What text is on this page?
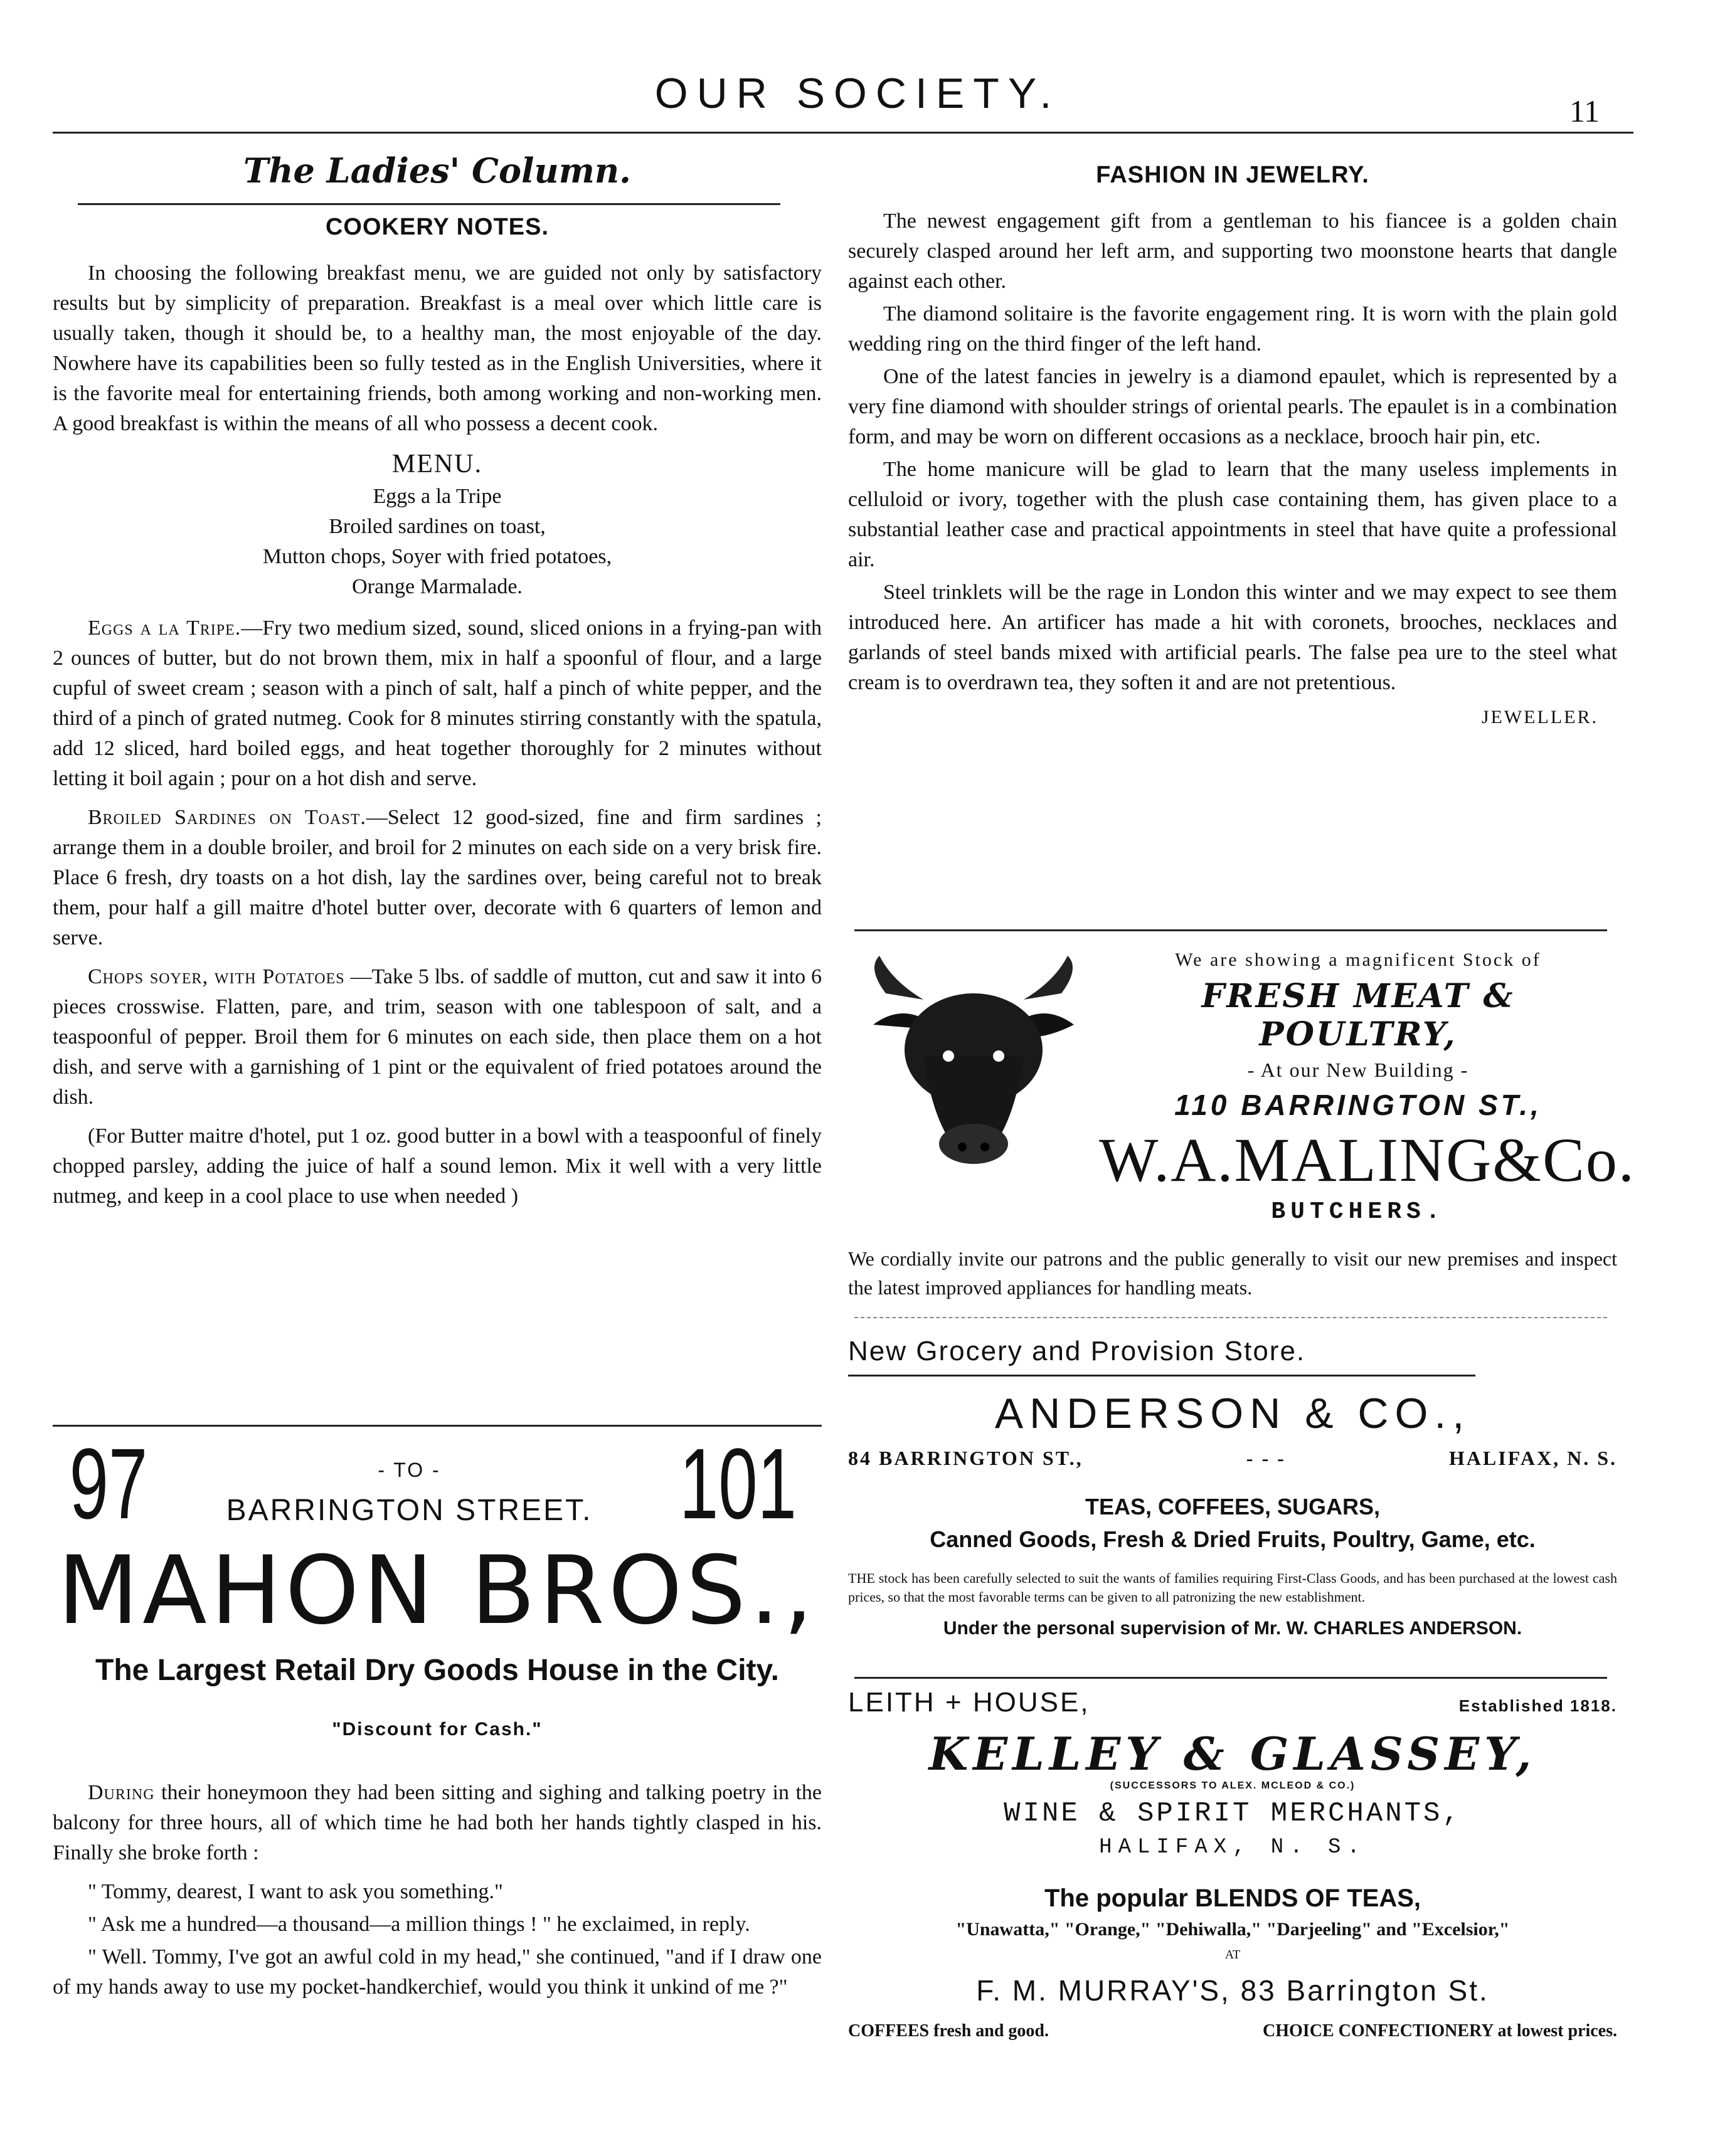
OUR SOCIETY.	11
The Ladies' Column.
COOKERY NOTES.

In choosing the following breakfast menu, we are guided not only by satisfactory results but by simplicity of preparation. Breakfast is a meal over which little care is usually taken, though it should be, to a healthy man, the most enjoyable of the day. Nowhere have its capabilities been so fully tested as in the English Universities, where it is the favorite meal for entertaining friends, both among working and non-working men. A good breakfast is within the means of all who possess a decent cook.

MENU.
Eggs a la Tripe
Broiled sardines on toast,
Mutton chops, Soyer with fried potatoes,
Orange Marmalade.

Eggs a la Tripe.—Fry two medium sized, sound, sliced onions in a frying-pan with 2 ounces of butter, but do not brown them, mix in half a spoonful of flour, and a large cupful of sweet cream ; season with a pinch of salt, half a pinch of white pepper, and the third of a pinch of grated nutmeg. Cook for 8 minutes stirring constantly with the spatula, add 12 sliced, hard boiled eggs, and heat together thoroughly for 2 minutes without letting it boil again ; pour on a hot dish and serve.

Broiled Sardines on Toast.—Select 12 good-sized, fine and firm sardines ; arrange them in a double broiler, and broil for 2 minutes on each side on a very brisk fire. Place 6 fresh, dry toasts on a hot dish, lay the sardines over, being careful not to break them, pour half a gill maitre d'hotel butter over, decorate with 6 quarters of lemon and serve.

Chops soyer, with Potatoes —Take 5 lbs. of saddle of mutton, cut and saw it into 6 pieces crosswise. Flatten, pare, and trim, season with one tablespoon of salt, and a teaspoonful of pepper. Broil them for 6 minutes on each side, then place them on a hot dish, and serve with a garnishing of 1 pint or the equivalent of fried potatoes around the dish.

(For Butter maitre d'hotel, put 1 oz. good butter in a bowl with a teaspoonful of finely chopped parsley, adding the juice of half a sound lemon. Mix it well with a very little nutmeg, and keep in a cool place to use when needed )

97	- TO -
BARRINGTON STREET. 101
MAHON BROS.,
The Largest Retail Dry Goods House in the City.
"Discount for Cash."

During their honeymoon they had been sitting and sighing and talking poetry in the balcony for three hours, all of which time he had both her hands tightly clasped in his. Finally she broke forth :

" Tommy, dearest, I want to ask you something."

" Ask me a hundred—a thousand—a million things ! " he exclaimed, in reply.

" Well. Tommy, I've got an awful cold in my head," she continued, "and if I draw one of my hands away to use my pocket-handkerchief, would you think it unkind of me ?"

FASHION IN JEWELRY.

The newest engagement gift from a gentleman to his fiancee is a golden chain securely clasped around her left arm, and supporting two moonstone hearts that dangle against each other.

The diamond solitaire is the favorite engagement ring. It is worn with the plain gold wedding ring on the third finger of the left hand.

One of the latest fancies in jewelry is a diamond epaulet, which is represented by a very fine diamond with shoulder strings of oriental pearls. The epaulet is in a combination form, and may be worn on different occasions as a necklace, brooch hair pin, etc.

The home manicure will be glad to learn that the many useless implements in celluloid or ivory, together with the plush case containing them, has given place to a substantial leather case and practical appointments in steel that have quite a professional air.

Steel trinklets will be the rage in London this winter and we may expect to see them introduced here. An artificer has made a hit with coronets, brooches, necklaces and garlands of steel bands mixed with artificial pearls. The false pea ure to the steel what cream is to overdrawn tea, they soften it and are not pretentious.

JEWELLER.
We are showing a magnificent Stock of
FRESH MEAT & POULTRY,
- At our New Building -
110 BARRINGTON ST.,
W.A.MALING&Co.
BUTCHERS.

We cordially invite our patrons and the public generally to visit our new premises and inspect the latest improved appliances for handling meats.

New Grocery and Provision Store.
ANDERSON & CO.,
84 BARRINGTON ST.,	- - -	HALIFAX, N. S.
TEAS, COFFEES, SUGARS,
Canned Goods, Fresh & Dried Fruits, Poultry, Game, etc.

THE stock has been carefully selected to suit the wants of families requiring First-Class Goods, and has been purchased at the lowest cash prices, so that the most favorable terms can be given to all patronizing the new establishment.

Under the personal supervision of Mr. W. CHARLES ANDERSON.
LEITH + HOUSE,	Established 1818.
KELLEY & GLASSEY,
(SUCCESSORS TO ALEX. MCLEOD & CO.)
WINE & SPIRIT MERCHANTS,
HALIFAX, N. S.
The popular BLENDS OF TEAS,
"Unawatta," "Orange," "Dehiwalla," "Darjeeling" and "Excelsior,"
AT
F. M. MURRAY'S, 83 Barrington St.
COFFEES fresh and good.	CHOICE CONFECTIONERY at lowest prices.
